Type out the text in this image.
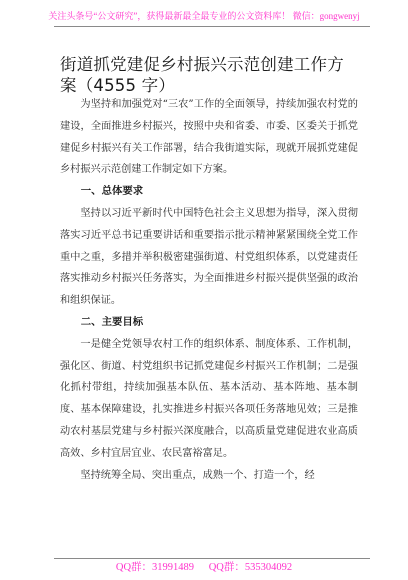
关注头条号“公文研究”，获得最新最全最专业的公文资料库！ 微信：gongwenyj
街道抓党建促乡村振兴示范创建工作方案（4555 字）

为坚持和加强党对“三农”工作的全面领导，持续加强农村党的建设，全面推进乡村振兴，按照中央和省委、市委、区委关于抓党建促乡村振兴有关工作部署，结合我街道实际，现就开展抓党建促乡村振兴示范创建工作制定如下方案。

一、总体要求

坚持以习近平新时代中国特色社会主义思想为指导，深入贯彻落实习近平总书记重要讲话和重要指示批示精神紧紧围绕全党工作重中之重，多措并举积极密建强街道、村党组织体系，以党建责任落实推动乡村振兴任务落实，为全面推进乡村振兴提供坚强的政治和组织保证。

二、主要目标

一是健全党领导农村工作的组织体系、制度体系、工作机制，强化区、街道、村党组织书记抓党建促乡村振兴工作机制；二是强化抓村带组，持续加强基本队伍、基本活动、基本阵地、基本制度、基本保障建设，扎实推进乡村振兴各项任务落地见效；三是推动农村基层党建与乡村振兴深度融合，以高质量党建促进农业高质高效、乡村宜居宜业、农民富裕富足。

坚持统筹全局、突出重点，成熟一个、打造一个，经

QQ群：31991489 QQ群：535304092
